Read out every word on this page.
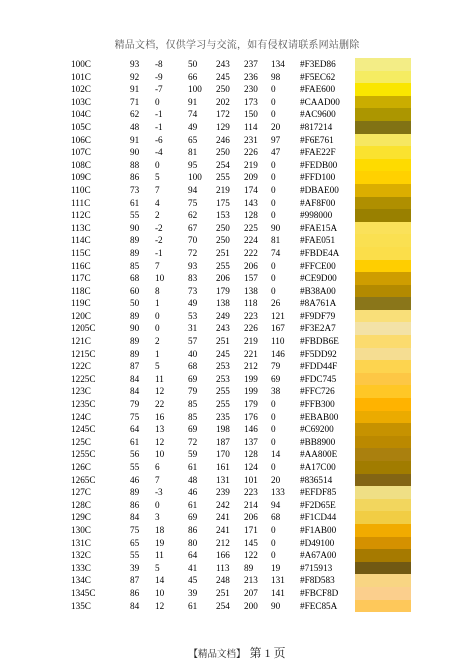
精品文档，仅供学习与交流，如有侵权请联系网站删除
100C	93 -8	50 243 237 134 #F3ED86
101C	92 -9	66 245 236 98 #F5EC62
102C	91 -7	100 250 230 0	#FAE600
103C	71 0	91 202 173 0	#CAAD00
104C	62 -1	74 172 150 0	#AC9600
105C	48 -1	49 129 114 20 #817214
106C	91 -6	65 246 231 97 #F6E761
107C	90 -4	81 250 226 47 #FAE22F
108C	88 0	95 254 219 0	#FEDB00
109C	86 5	100 255 209 0	#FFD100
110C	73 7	94 219 174 0	#DBAE00
111C	61 4	75 175 143 0	#AF8F00
112C	55 2	62 153 128 0	#998000
113C	90 -2	67 250 225 90 #FAE15A
114C	89 -2	70 250 224 81 #FAE051
115C	89 -1	72 251 222 74 #FBDE4A
116C	85 7	93 255 206 0	#FFCE00
117C	68 10	83 206 157 0	#CE9D00
118C	60 8	73 179 138 0	#B38A00
119C	50 1	49 138 118 26 #8A761A
120C	89 0	53 249 223 121 #F9DF79
1205C	90 0	31 243 226 167 #F3E2A7
121C	89 2	57 251 219 110 #FBDB6E
1215C	89 1	40 245 221 146 #F5DD92
122C	87 5	68 253 212 79 #FDD44F
1225C	84 11	69 253 199 69 #FDC745
123C	84 12	79 255 199 38 #FFC726
1235C	79 22	85 255 179 0	#FFB300
124C	75 16	85 235 176 0	#EBAB00
1245C	64 13	69 198 146 0	#C69200
125C	61 12	72 187 137 0	#BB8900
1255C	56 10	59 170 128 14 #AA800E
126C	55 6	61 161 124 0	#A17C00
1265C	46 7	48 131 101 20 #836514
127C	89 -3	46 239 223 133 #EFDF85
128C	86 0	61 242 214 94 #F2D65E
129C	84 3	69 241 206 68 #F1CD44
130C	75 18	86 241 171 0	#F1AB00
131C	65 19	80 212 145 0	#D49100
132C	55 11	64 166 122 0	#A67A00
133C	39 5	41 113 89 19 #715913
134C	87 14	45 248 213 131 #F8D583
1345C	86 10	39 251 207 141 #FBCF8D
135C	84 12	61 254 200 90 #FEC85A
【精品文档】 第 1 页
